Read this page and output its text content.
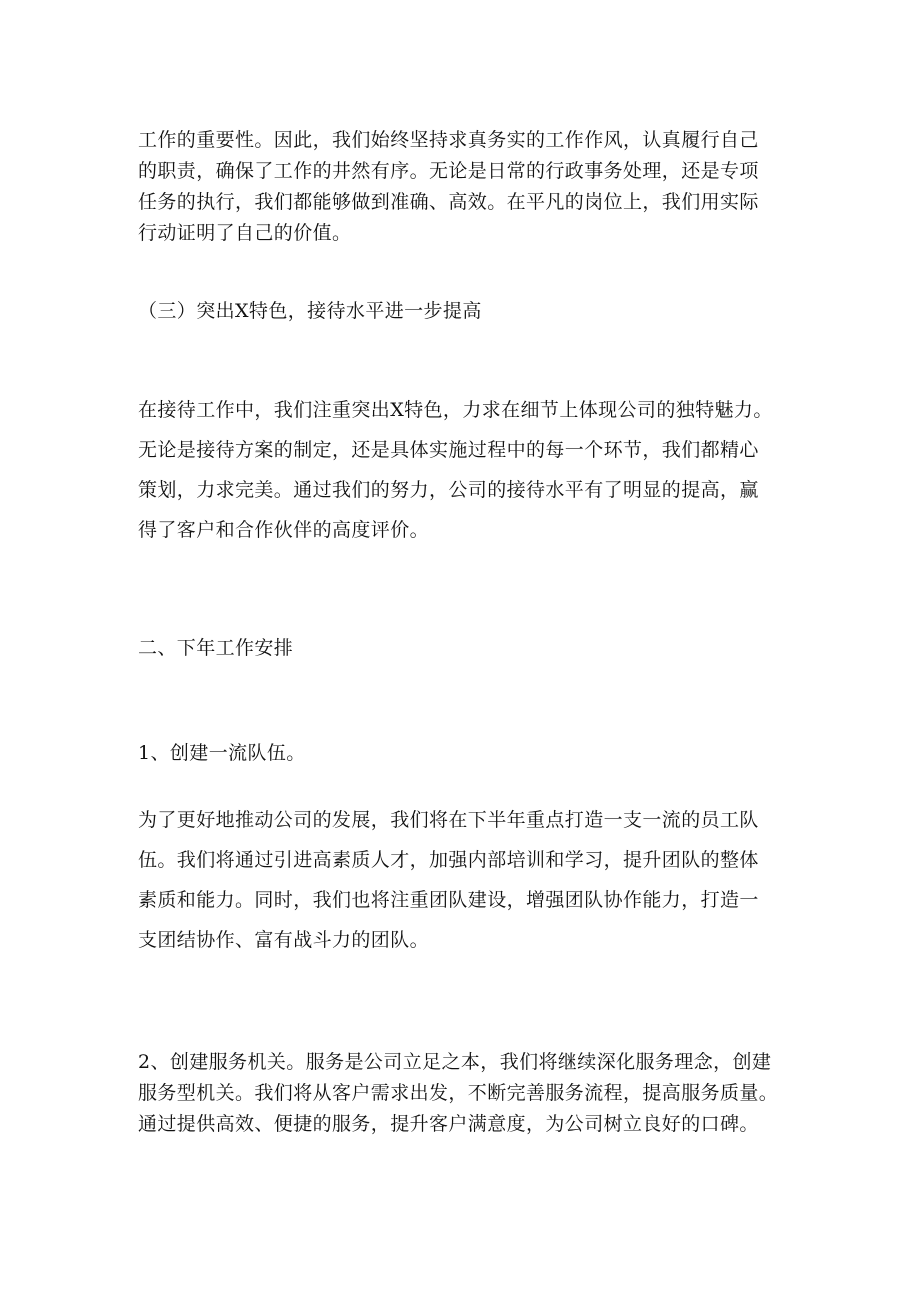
工作的重要性。因此，我们始终坚持求真务实的工作作风，认真履行自己
的职责，确保了工作的井然有序。无论是日常的行政事务处理，还是专项
任务的执行，我们都能够做到准确、高效。在平凡的岗位上，我们用实际
行动证明了自己的价值。

（三）突出X特色，接待水平进一步提高

在接待工作中，我们注重突出X特色，力求在细节上体现公司的独特魅力。
无论是接待方案的制定，还是具体实施过程中的每一个环节，我们都精心
策划，力求完美。通过我们的努力，公司的接待水平有了明显的提高，赢
得了客户和合作伙伴的高度评价。

二、下年工作安排

1、创建一流队伍。

为了更好地推动公司的发展，我们将在下半年重点打造一支一流的员工队
伍。我们将通过引进高素质人才，加强内部培训和学习，提升团队的整体
素质和能力。同时，我们也将注重团队建设，增强团队协作能力，打造一
支团结协作、富有战斗力的团队。

2、创建服务机关。服务是公司立足之本，我们将继续深化服务理念，创建
服务型机关。我们将从客户需求出发，不断完善服务流程，提高服务质量。
通过提供高效、便捷的服务，提升客户满意度，为公司树立良好的口碑。
